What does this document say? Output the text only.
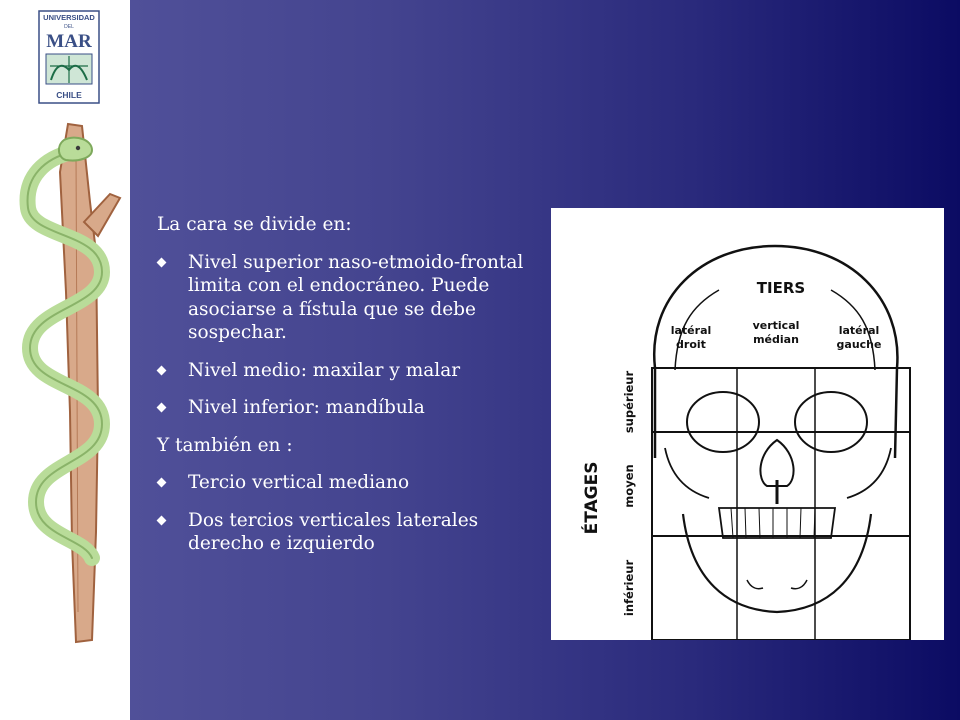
UNIVERSIDAD
DEL
MAR
CHILE

La cara se divide en:

Nivel superior naso-etmoido-frontal limita con el endocráneo. Puede asociarse a fístula que se debe sospechar.
Nivel medio: maxilar y malar
Nivel inferior: mandíbula

Y también en :

Tercio vertical mediano
Dos tercios verticales laterales derecho e izquierdo
TIERS
latéral
droit
vertical
médian
latéral
gauche
ÉTAGES
supérieur
moyen
inférieur
